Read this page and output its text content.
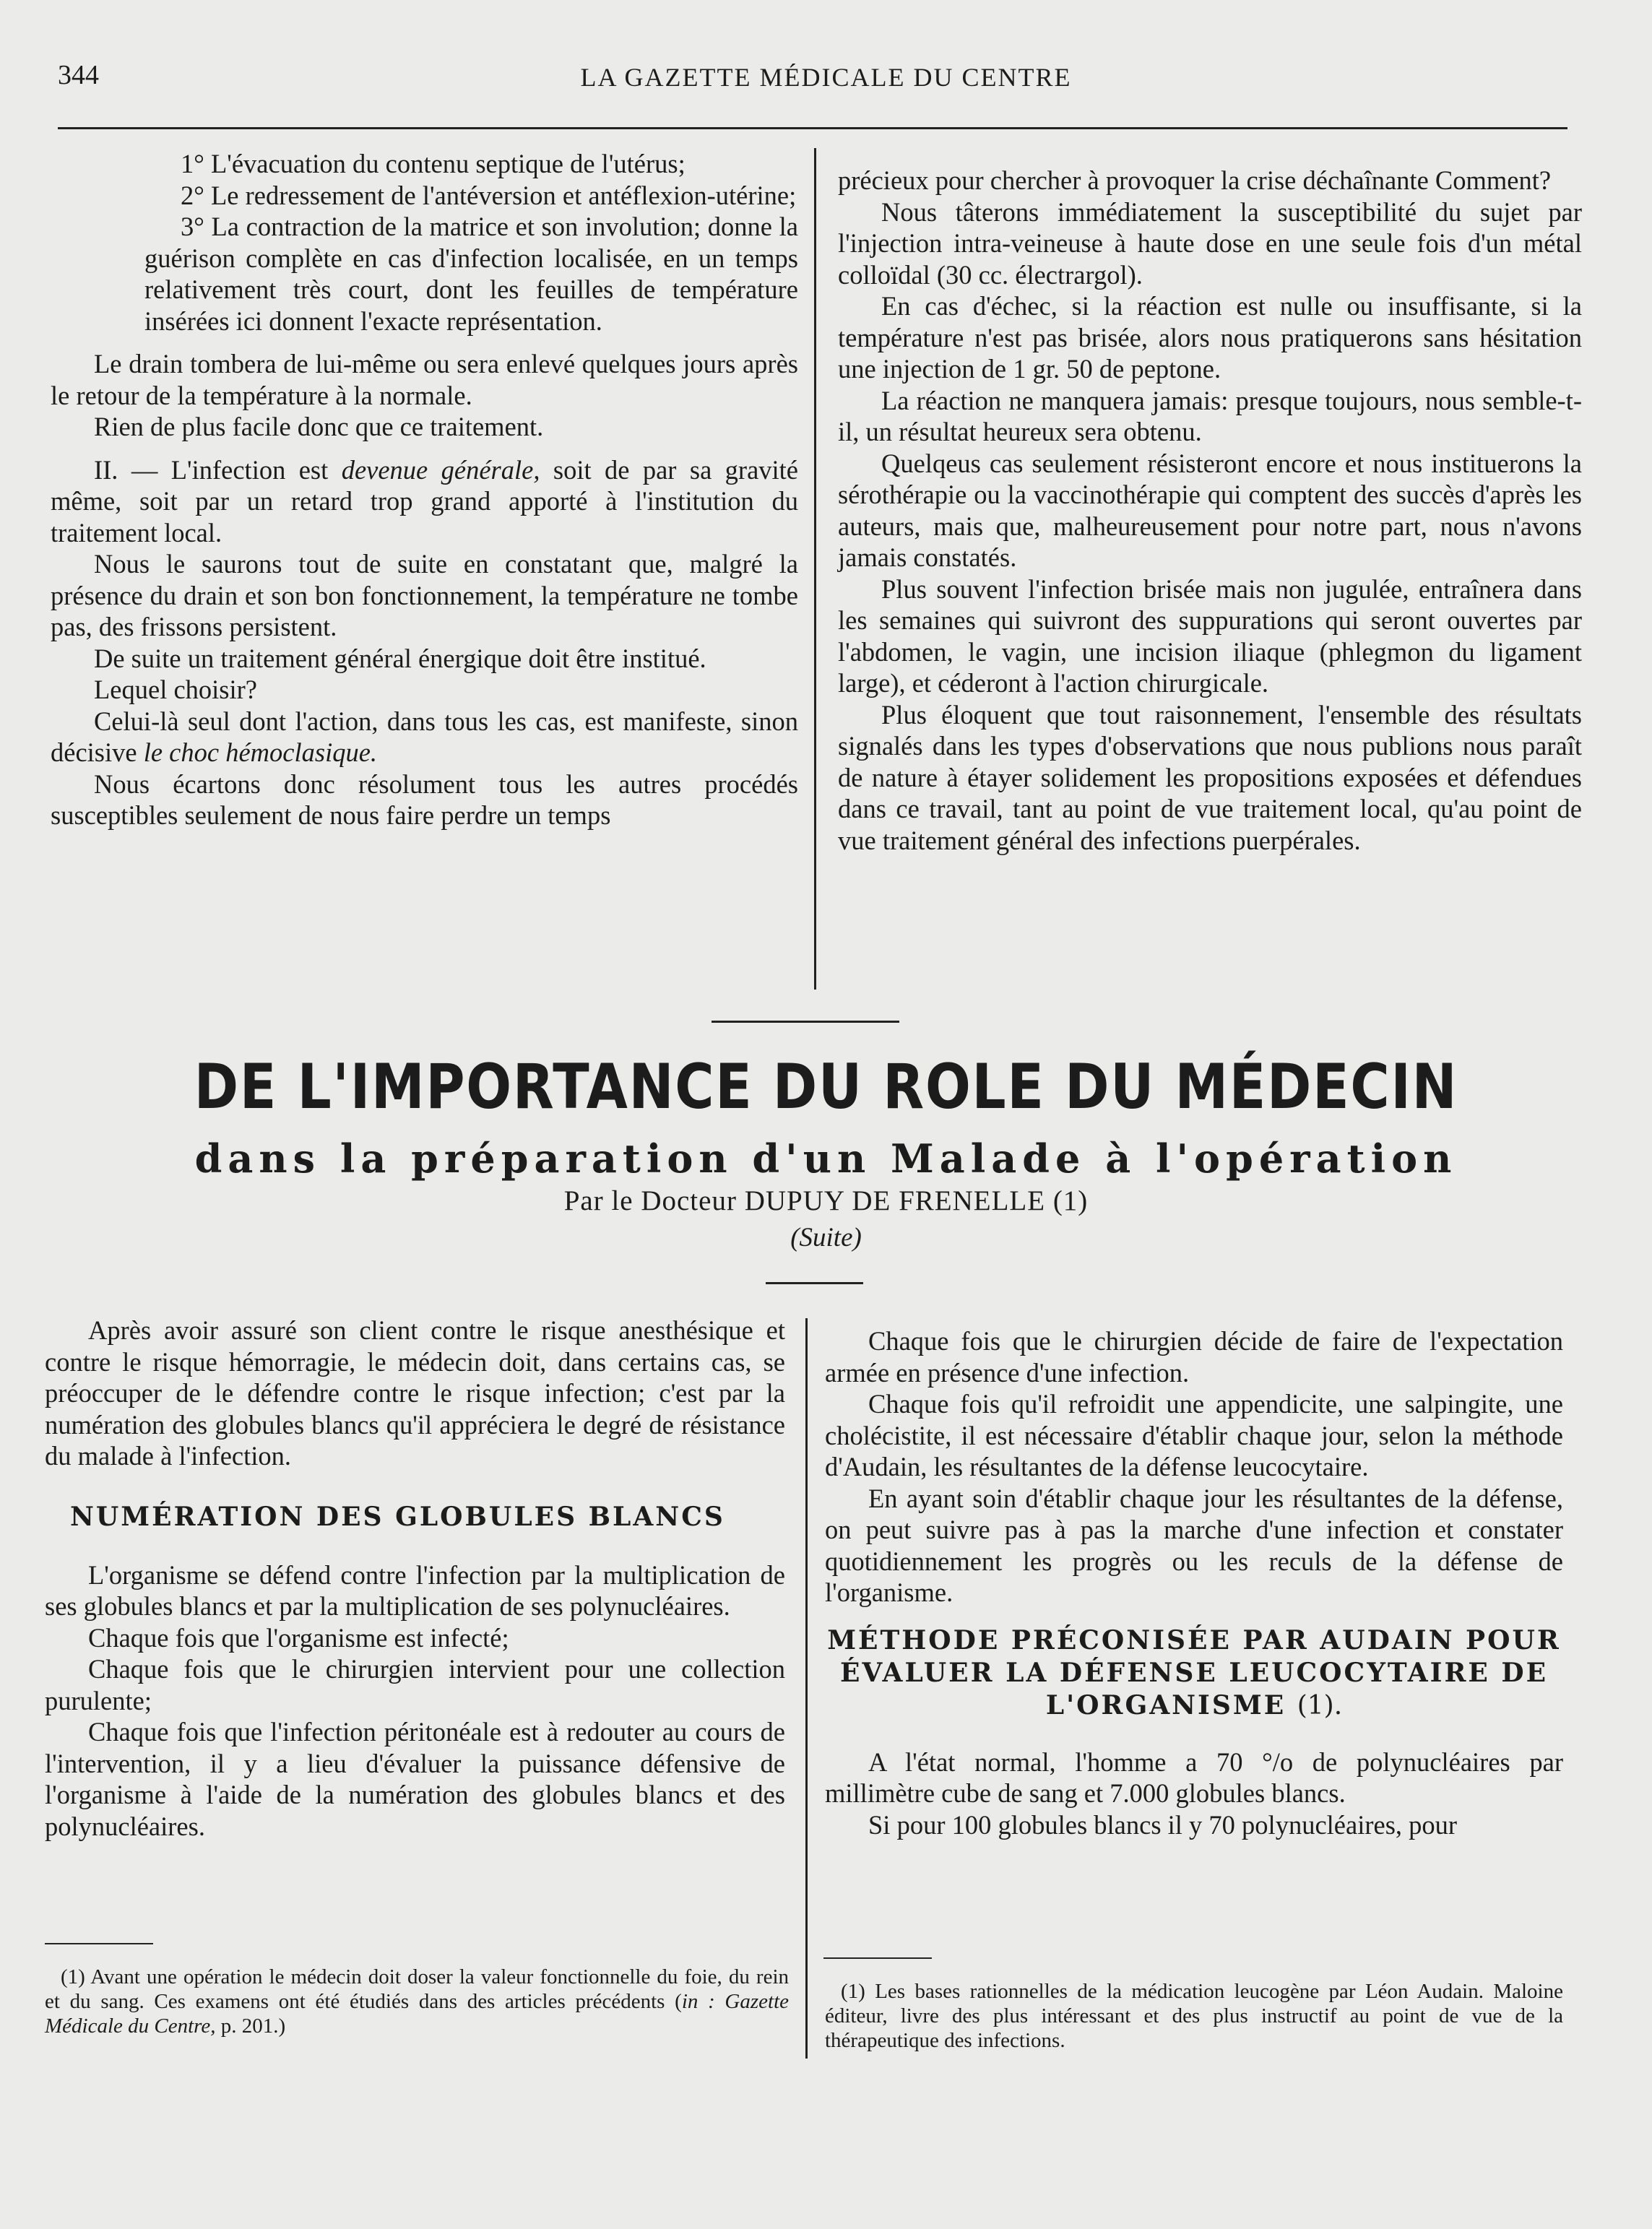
344	LA GAZETTE MÉDICALE DU CENTRE

1° L'évacuation du contenu septique de l'utérus;

2° Le redressement de l'antéversion et antéflexion-utérine;

3° La contraction de la matrice et son involution; donne la guérison complète en cas d'infection localisée, en un temps relativement très court, dont les feuilles de température insérées ici donnent l'exacte représentation.

Le drain tombera de lui-même ou sera enlevé quelques jours après le retour de la température à la normale.

Rien de plus facile donc que ce traitement.

II. — L'infection est devenue générale, soit de par sa gravité même, soit par un retard trop grand apporté à l'institution du traitement local.

Nous le saurons tout de suite en constatant que, malgré la présence du drain et son bon fonctionnement, la température ne tombe pas, des frissons persistent.

De suite un traitement général énergique doit être institué.

Lequel choisir?

Celui-là seul dont l'action, dans tous les cas, est manifeste, sinon décisive le choc hémoclasique.

Nous écartons donc résolument tous les autres procédés susceptibles seulement de nous faire perdre un temps

précieux pour chercher à provoquer la crise déchaînante Comment?

Nous tâterons immédiatement la susceptibilité du sujet par l'injection intra-veineuse à haute dose en une seule fois d'un métal colloïdal (30 cc. électrargol).

En cas d'échec, si la réaction est nulle ou insuffisante, si la température n'est pas brisée, alors nous pratiquerons sans hésitation une injection de 1 gr. 50 de peptone.

La réaction ne manquera jamais: presque toujours, nous semble-t-il, un résultat heureux sera obtenu.

Quelqeus cas seulement résisteront encore et nous instituerons la sérothérapie ou la vaccinothérapie qui comptent des succès d'après les auteurs, mais que, malheureusement pour notre part, nous n'avons jamais constatés.

Plus souvent l'infection brisée mais non jugulée, entraînera dans les semaines qui suivront des suppurations qui seront ouvertes par l'abdomen, le vagin, une incision iliaque (phlegmon du ligament large), et céderont à l'action chirurgicale.

Plus éloquent que tout raisonnement, l'ensemble des résultats signalés dans les types d'observations que nous publions nous paraît de nature à étayer solidement les propositions exposées et défendues dans ce travail, tant au point de vue traitement local, qu'au point de vue traitement général des infections puerpérales.

DE L'IMPORTANCE DU ROLE DU MÉDECIN
dans la préparation d'un Malade à l'opération
Par le Docteur DUPUY DE FRENELLE (1)
(Suite)

Après avoir assuré son client contre le risque anesthésique et contre le risque hémorragie, le médecin doit, dans certains cas, se préoccuper de le défendre contre le risque infection; c'est par la numération des globules blancs qu'il appréciera le degré de résistance du malade à l'infection.

NUMÉRATION DES GLOBULES BLANCS

L'organisme se défend contre l'infection par la multiplication de ses globules blancs et par la multiplication de ses polynucléaires.

Chaque fois que l'organisme est infecté;

Chaque fois que le chirurgien intervient pour une collection purulente;

Chaque fois que l'infection péritonéale est à redouter au cours de l'intervention, il y a lieu d'évaluer la puissance défensive de l'organisme à l'aide de la numération des globules blancs et des polynucléaires.

Chaque fois que le chirurgien décide de faire de l'expectation armée en présence d'une infection.

Chaque fois qu'il refroidit une appendicite, une salpingite, une cholécistite, il est nécessaire d'établir chaque jour, selon la méthode d'Audain, les résultantes de la défense leucocytaire.

En ayant soin d'établir chaque jour les résultantes de la défense, on peut suivre pas à pas la marche d'une infection et constater quotidiennement les progrès ou les reculs de la défense de l'organisme.

MÉTHODE PRÉCONISÉE PAR AUDAIN POUR ÉVALUER LA DÉFENSE LEUCOCYTAIRE DE L'ORGANISME (1).

A l'état normal, l'homme a 70 °/o de polynucléaires par millimètre cube de sang et 7.000 globules blancs.

Si pour 100 globules blancs il y 70 polynucléaires, pour

(1) Avant une opération le médecin doit doser la valeur fonctionnelle du foie, du rein et du sang. Ces examens ont été étudiés dans des articles précédents (in : Gazette Médicale du Centre, p. 201.)

(1) Les bases rationnelles de la médication leucogène par Léon Audain. Maloine éditeur, livre des plus intéressant et des plus instructif au point de vue de la thérapeutique des infections.
